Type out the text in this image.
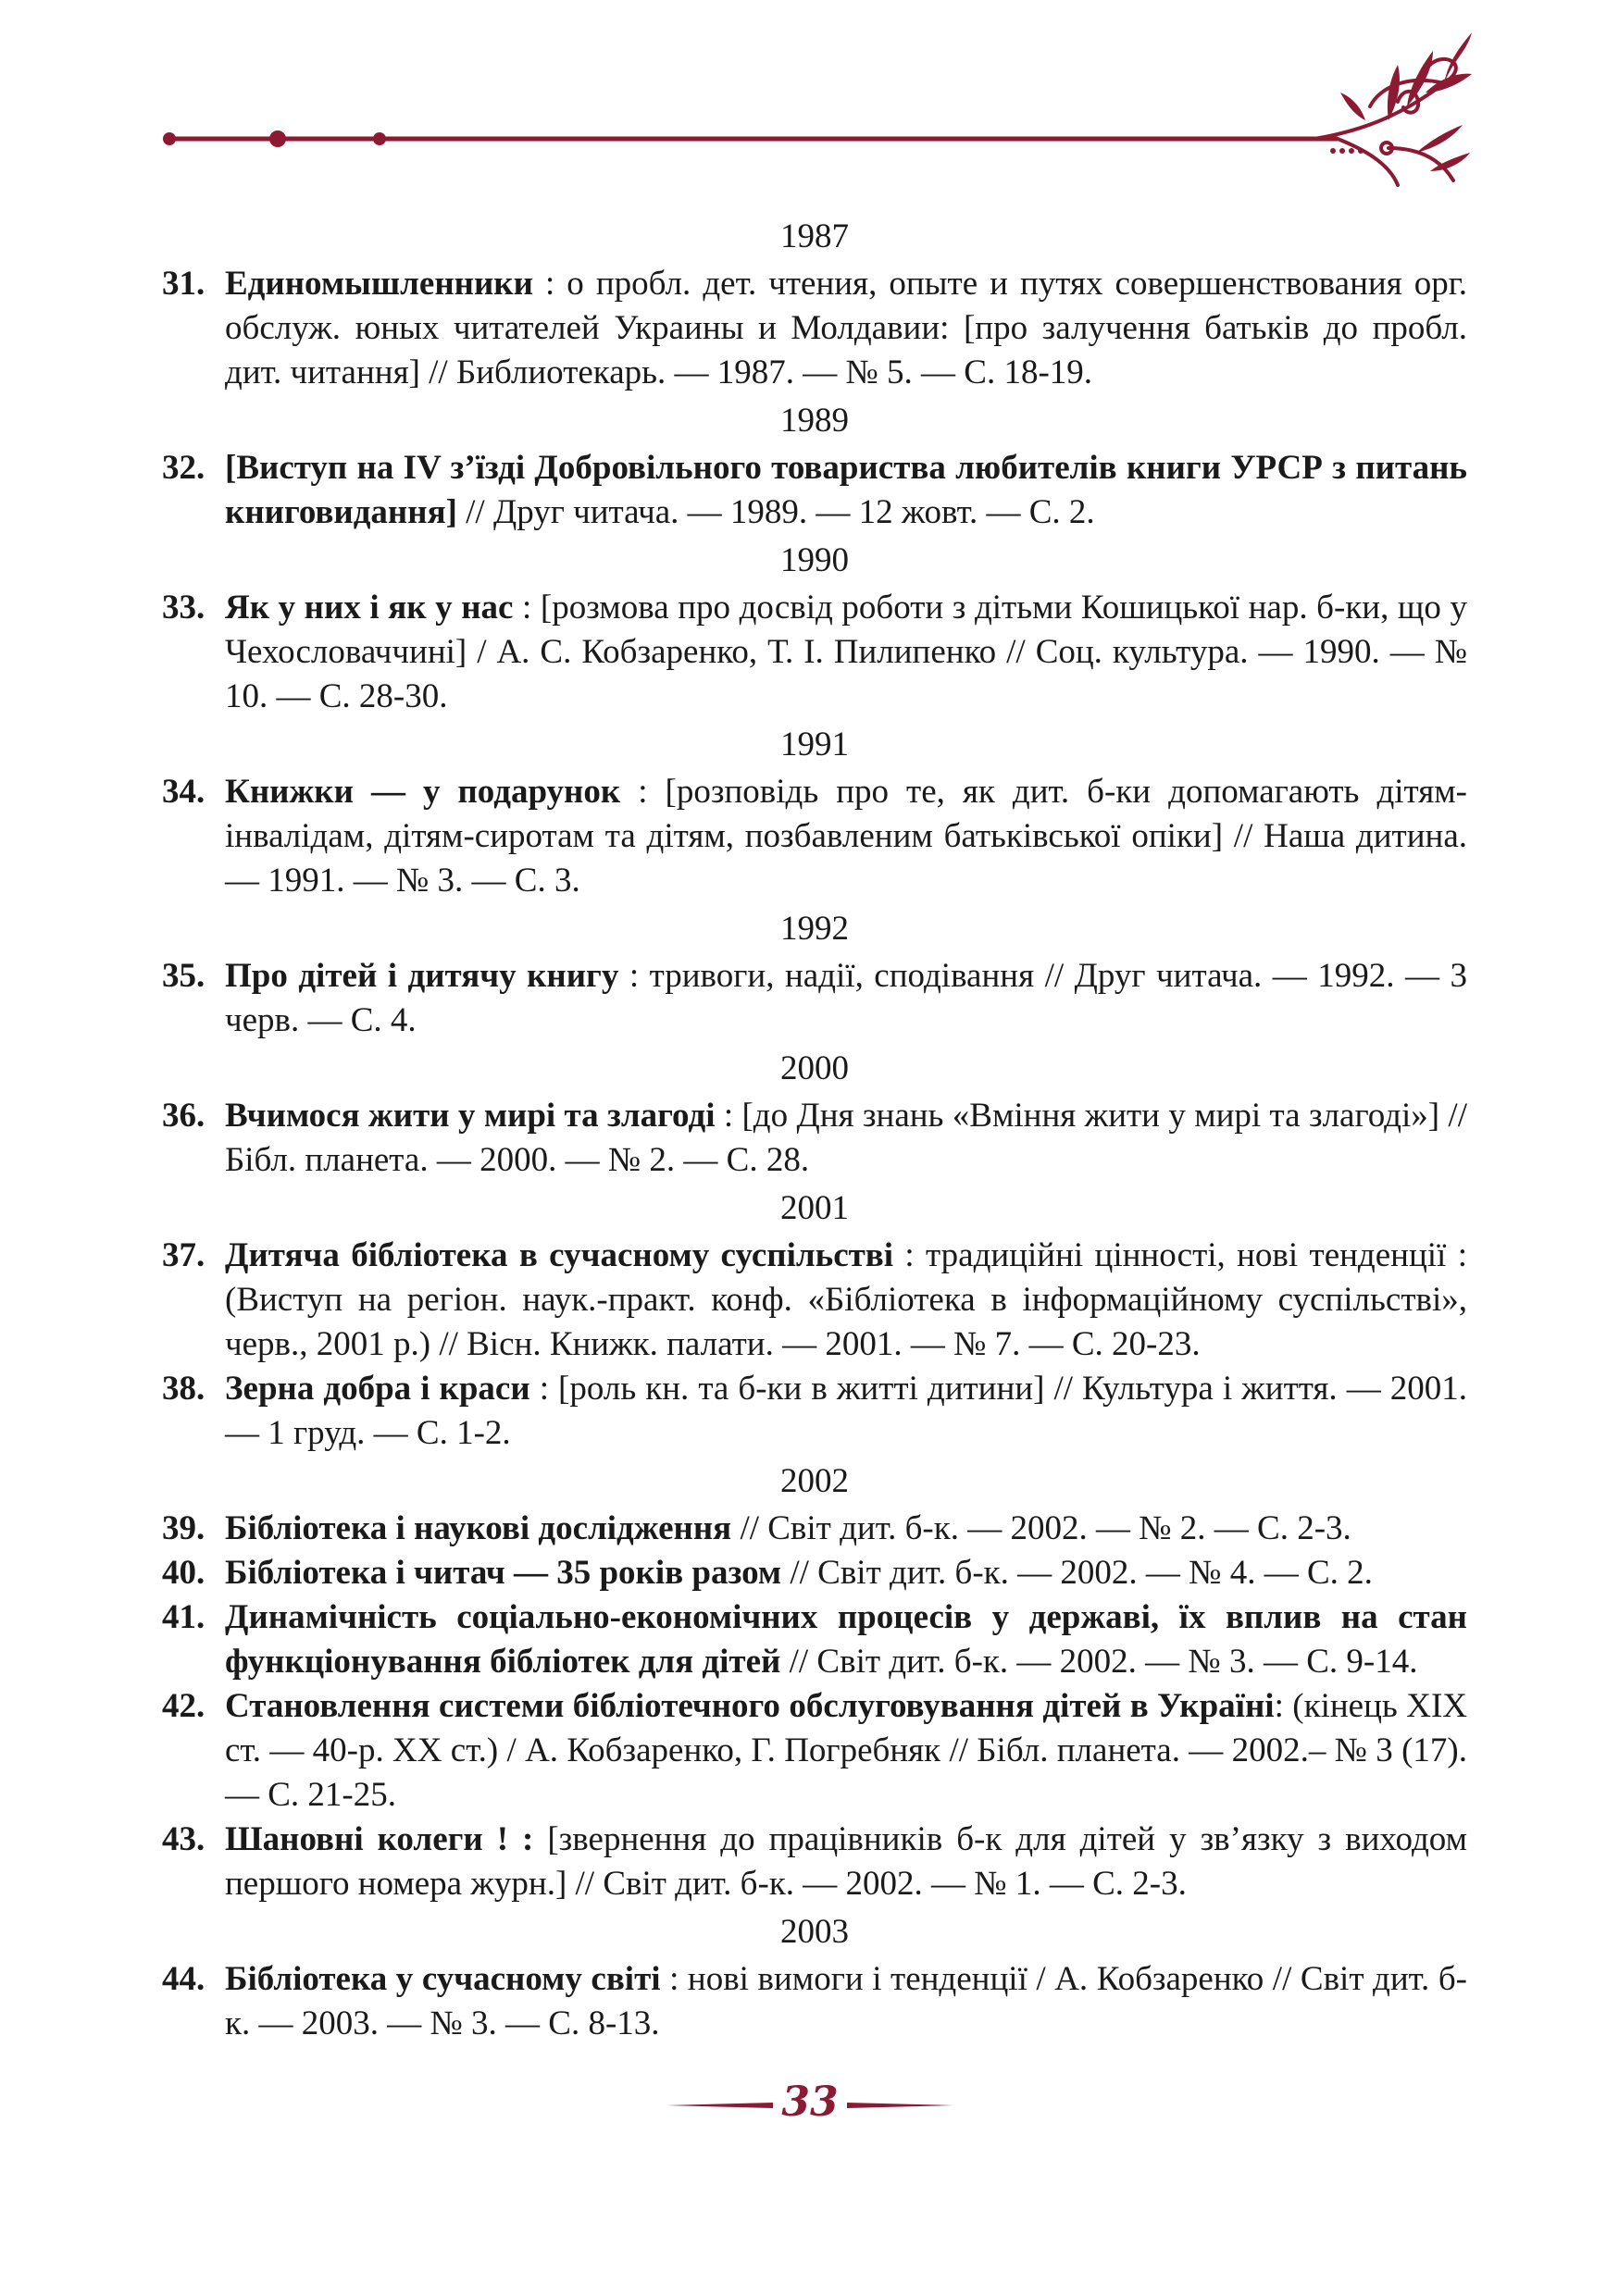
1987
31. Единомышленники : о пробл. дет. чтения, опыте и путях совершенствования орг. обслуж. юных читателей Украины и Молдавии: [про залучення батьків до пробл. дит. читання] // Библиотекарь. — 1987. — № 5. — С. 18-19.
1989
32. [Виступ на IV з’їзді Добровільного товариства любителів книги УРСР з питань книговидання] // Друг читача. — 1989. — 12 жовт. — С. 2.
1990
33. Як у них і як у нас : [розмова про досвід роботи з дітьми Кошицької нар. б-ки, що у Чехословаччині] / А. С. Кобзаренко, Т. І. Пилипенко // Соц. культура. — 1990. — № 10. — С. 28-30.
1991
34. Книжки — у подарунок : [розповідь про те, як дит. б-ки допомагають дітям-інвалідам, дітям-сиротам та дітям, позбавленим батьківської опіки] // Наша дитина. — 1991. — № 3. — С. 3.
1992
35. Про дітей і дитячу книгу : тривоги, надії, сподівання // Друг читача. — 1992. — 3 черв. — С. 4.
2000
36. Вчимося жити у мирі та злагоді : [до Дня знань «Вміння жити у мирі та злагоді»] // Бібл. планета. — 2000. — № 2. — С. 28.
2001
37. Дитяча бібліотека в сучасному суспільстві : традиційні цінності, нові тенденції : (Виступ на регіон. наук.-практ. конф. «Бібліотека в інформаційному суспільстві», черв., 2001 р.) // Вісн. Книжк. палати. — 2001. — № 7. — С. 20-23.
38. Зерна добра і краси : [роль кн. та б-ки в житті дитини] // Культура і життя. — 2001. — 1 груд. — С. 1-2.
2002
39. Бібліотека і наукові дослідження // Світ дит. б-к. — 2002. — № 2. — С. 2-3.
40. Бібліотека і читач — 35 років разом // Світ дит. б-к. — 2002. — № 4. — С. 2.
41. Динамічність соціально-економічних процесів у державі, їх вплив на стан функціонування бібліотек для дітей // Світ дит. б-к. — 2002. — № 3. — С. 9-14.
42. Становлення системи бібліотечного обслуговування дітей в Україні: (кінець XIX ст. — 40-р. XX ст.) / А. Кобзаренко, Г. Погребняк // Бібл. планета. — 2002.– № 3 (17). — С. 21-25.
43. Шановні колеги ! : [звернення до працівників б-к для дітей у зв’язку з виходом першого номера журн.] // Світ дит. б-к. — 2002. — № 1. — С. 2-3.
2003
44. Бібліотека у сучасному світі : нові вимоги і тенденції / А. Кобзаренко // Світ дит. б-к. — 2003. — № 3. — С. 8-13.
33
